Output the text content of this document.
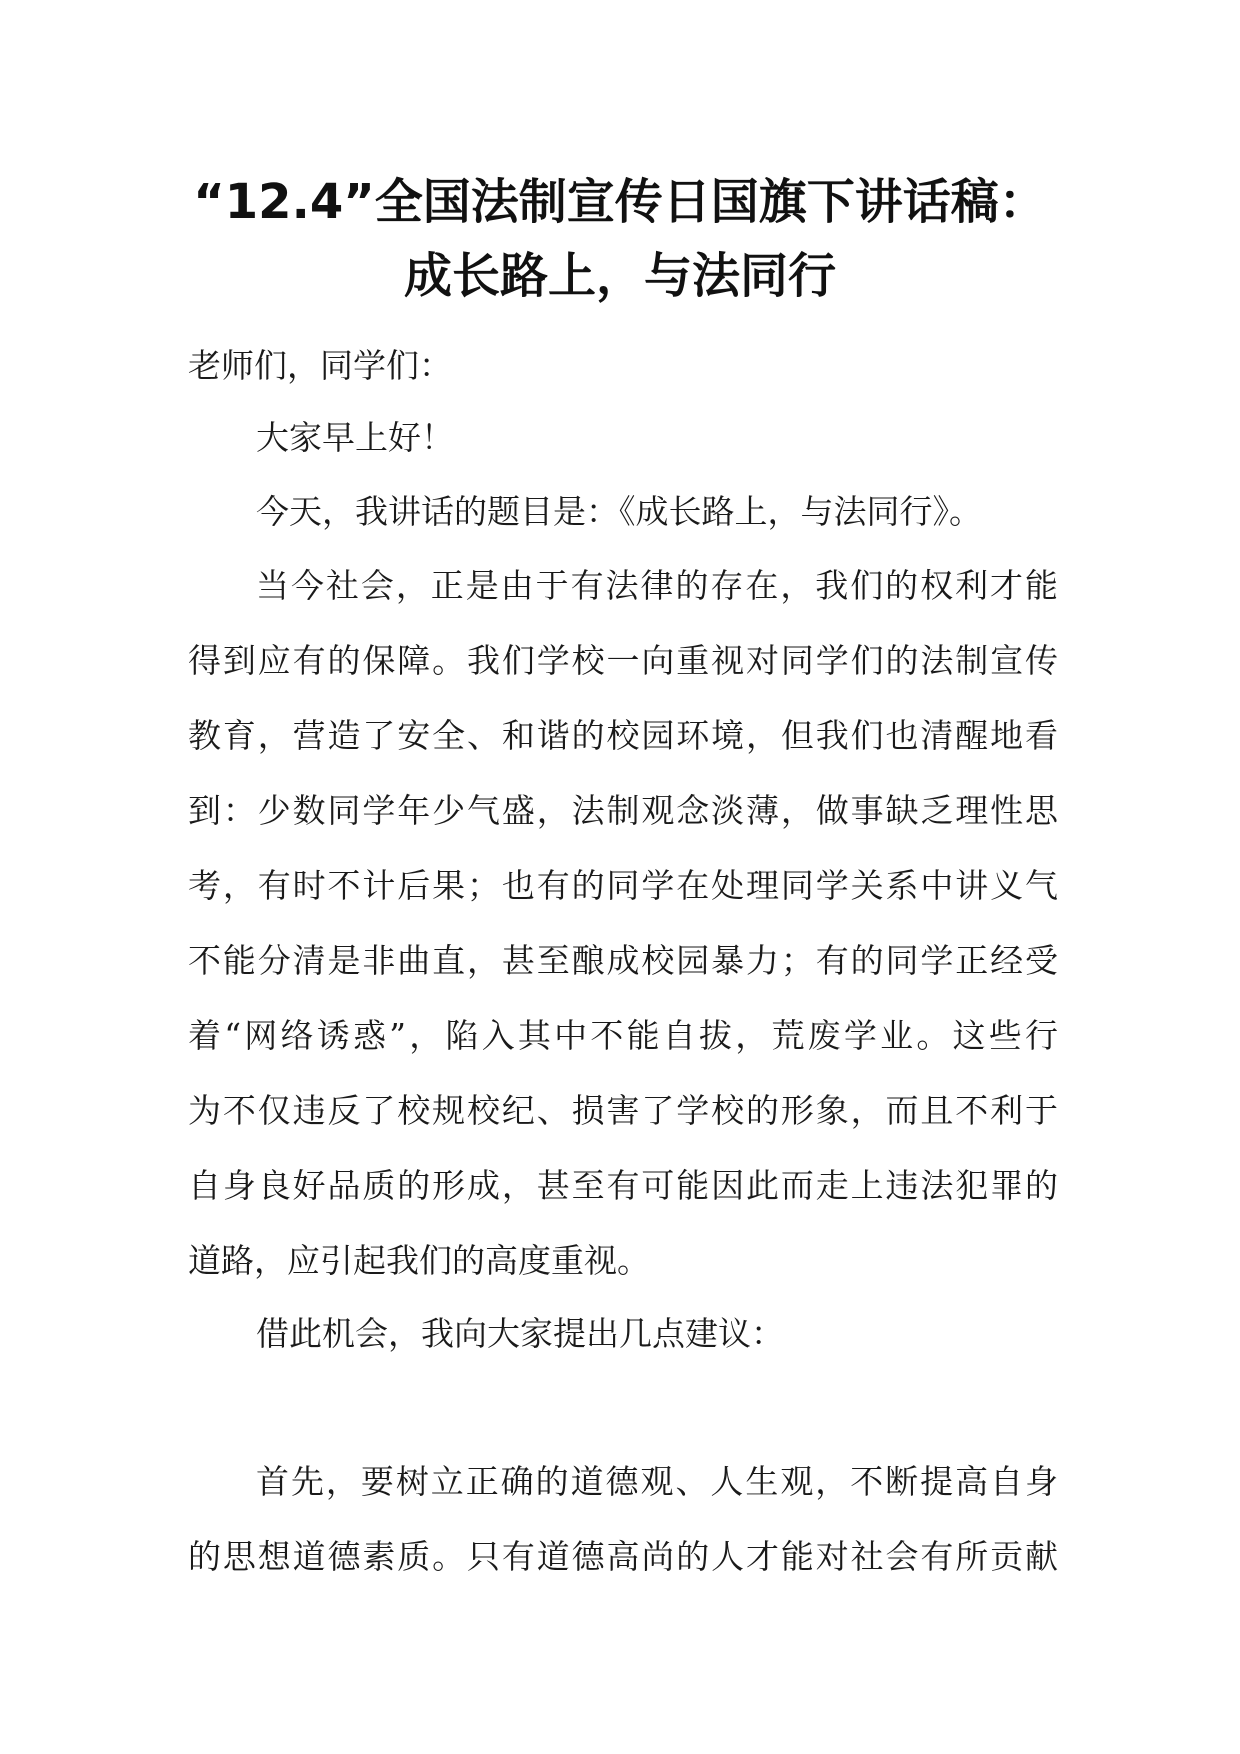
“12.4”全国法制宣传日国旗下讲话稿：
成长路上，与法同行
老师们，同学们：
大家早上好！
今天，我讲话的题目是：《成长路上，与法同行》。
当今社会，正是由于有法律的存在，我们的权利才能
得到应有的保障。我们学校一向重视对同学们的法制宣传
教育，营造了安全、和谐的校园环境，但我们也清醒地看
到：少数同学年少气盛，法制观念淡薄，做事缺乏理性思
考，有时不计后果；也有的同学在处理同学关系中讲义气
不能分清是非曲直，甚至酿成校园暴力；有的同学正经受
着“网络诱惑”，陷入其中不能自拔，荒废学业。这些行
为不仅违反了校规校纪、损害了学校的形象，而且不利于
自身良好品质的形成，甚至有可能因此而走上违法犯罪的
道路，应引起我们的高度重视。
借此机会，我向大家提出几点建议：
首先，要树立正确的道德观、人生观，不断提高自身
的思想道德素质。只有道德高尚的人才能对社会有所贡献
